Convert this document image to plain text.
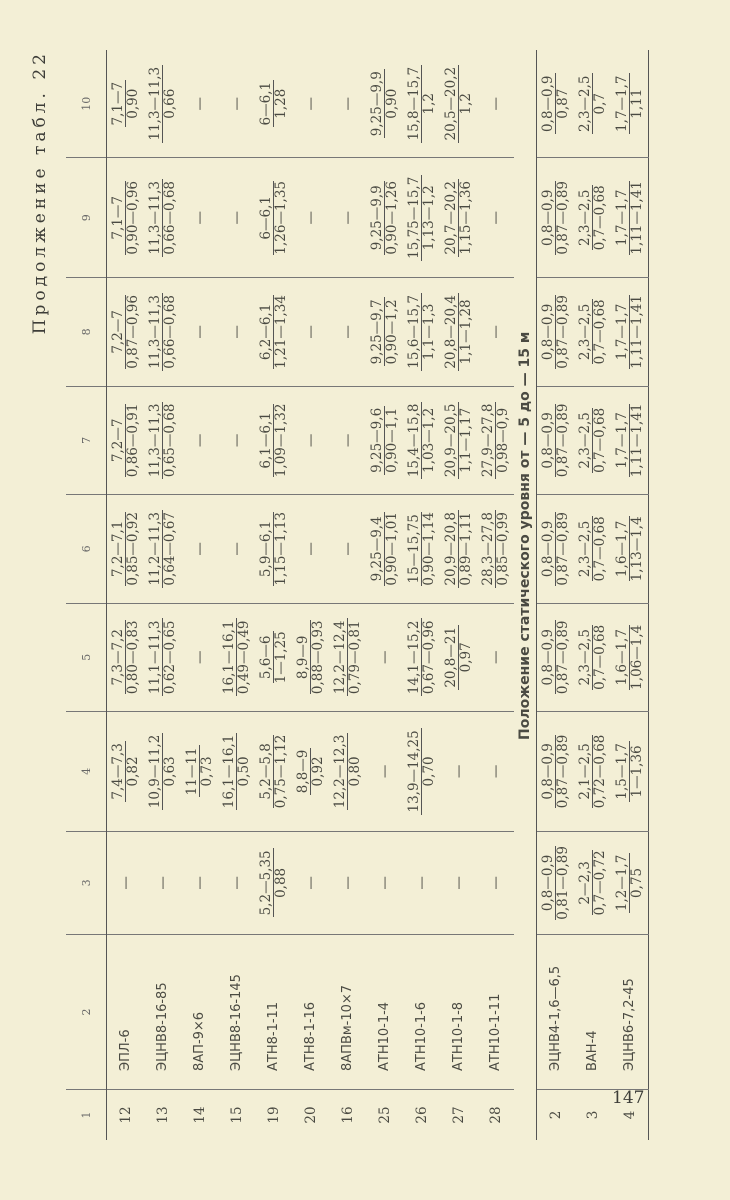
Продолжение табл. 22
1	2	3	4	5	6	7	8	9	10
12	ЭПЛ-6	—	7,4—7,3 0,82	7,3—7,2 0,80—0,83	7,2—7,1 0,85—0,92	7,2—7 0,86—0,91	7,2—7 0,87—0,96	7,1—7 0,90—0,96	7,1—7 0,90

13	ЭЦНВ8-16-85	—	10,9—11,2 0,63	11,1—11,3 0,62—0,65	11,2—11,3 0,64—0,67	11,3—11,3 0,65—0,68	11,3—11,3 0,66—0,68	11,3—11,3 0,66—0,68	11,3—11,3 0,66

14	8АП-9×6	—	11—11 0,73	—	—	—	—	—	—
15	ЭЦНВ8-16-145	—	16,1—16,1 0,50	16,1—16,1 0,49—0,49	—	—	—	—	—
19	АТН8-1-11	5,2—5,35 0,88	5,2—5,8 0,75—1,12	5,6—6 1—1,25	5,9—6,1 1,15—1,13	6,1—6,1 1,09—1,32	6,2—6,1 1,21—1,34	6—6,1 1,26—1,35	6—6,1 1,28

20	АТН8-1-16	—	8,8—9 0,92	8,9—9 0,88—0,93	—	—	—	—	—
16	8АПВм-10×7	—	12,2—12,3 0,80	12,2—12,4 0,79—0,81	—	—	—	—	—
25	АТН10-1-4	—	—	—	9,25—9,4 0,90—1,01	9,25—9,6 0,90—1,1	9,25—9,7 0,90—1,2	9,25—9,9 0,90—1,26	9,25—9,9 0,90

26	АТН10-1-6	—	13,9—14,25 0,70	14,1—15,2 0,67—0,96	15—15,75 0,90—1,14	15,4—15,8 1,03—1,2	15,6—15,7 1,1—1,3	15,75—15,7 1,13—1,2	15,8—15,7 1,2

27	АТН10-1-8	—	—	20,8—21 0,97	20,9—20,8 0,89—1,11	20,9—20,5 1,1—1,17	20,8—20,4 1,1—1,28	20,7—20,2 1,15—1,36	20,5—20,2 1,2

28	АТН10-1-11	—	—	—	28,3—27,8 0,85—0,99	27,9—27,8 0,98—0,9	—	—	—
Положение статического уровня от — 5 до — 15 м									
2	ЭЦНВ4-1,6—6,5	0,8—0,9 0,81—0,89	0,8—0,9 0,87—0,89	0,8—0,9 0,87—0,89	0,8—0,9 0,87—0,89	0,8—0,9 0,87—0,89	0,8—0,9 0,87—0,89	0,8—0,9 0,87—0,89	0,8—0,9 0,87

3	ВАН-4	2—2,3 0,7—0,72	2,1—2,5 0,72—0,68	2,3—2,5 0,7—0,68	2,3—2,5 0,7—0,68	2,3—2,5 0,7—0,68	2,3—2,5 0,7—0,68	2,3—2,5 0,7—0,68	2,3—2,5 0,7

4	ЭЦНВ6-7,2-45	1,2—1,7 0,75	1,5—1,7 1—1,36	1,6—1,7 1,06—1,4	1,6—1,7 1,13—1,4	1,7—1,7 1,11—1,41	1,7—1,7 1,11—1,41	1,7—1,7 1,11—1,41	1,7—1,7 1,11

147
